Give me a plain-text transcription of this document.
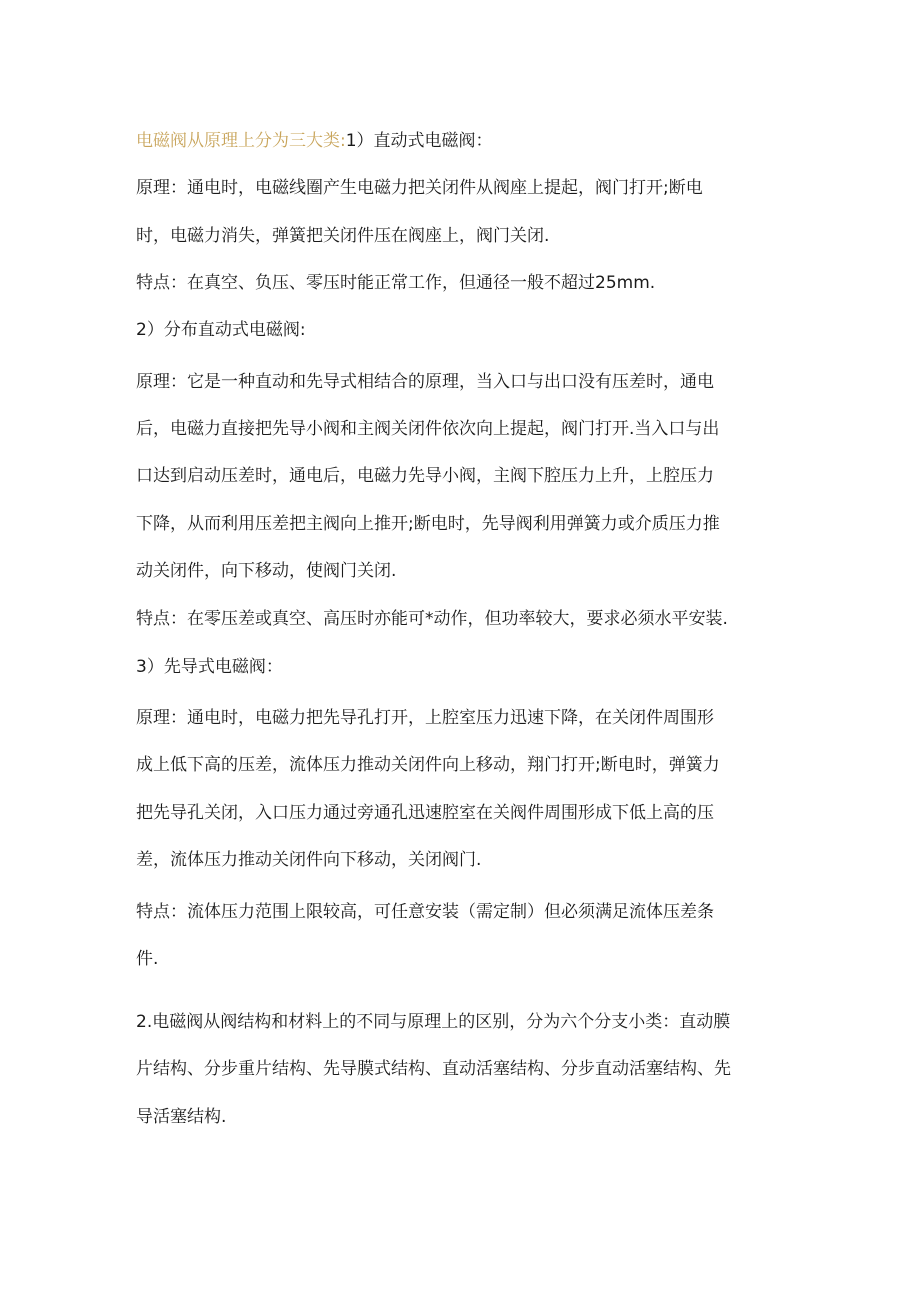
电磁阀从原理上分为三大类:1）直动式电磁阀：

原理：通电时，电磁线圈产生电磁力把关闭件从阀座上提起，阀门打开;断电

时，电磁力消失，弹簧把关闭件压在阀座上，阀门关闭.

特点：在真空、负压、零压时能正常工作，但通径一般不超过25mm.

2）分布直动式电磁阀:

原理：它是一种直动和先导式相结合的原理，当入口与出口没有压差时，通电

后，电磁力直接把先导小阀和主阀关闭件依次向上提起，阀门打开.当入口与出

口达到启动压差时，通电后，电磁力先导小阀，主阀下腔压力上升，上腔压力

下降，从而利用压差把主阀向上推开;断电时，先导阀利用弹簧力或介质压力推

动关闭件，向下移动，使阀门关闭.

特点：在零压差或真空、高压时亦能可*动作，但功率较大，要求必须水平安装.

3）先导式电磁阀：

原理：通电时，电磁力把先导孔打开，上腔室压力迅速下降，在关闭件周围形

成上低下高的压差，流体压力推动关闭件向上移动，翔门打开;断电时，弹簧力

把先导孔关闭，入口压力通过旁通孔迅速腔室在关阀件周围形成下低上高的压

差，流体压力推动关闭件向下移动，关闭阀门.

特点：流体压力范围上限较高，可任意安装（需定制）但必须满足流体压差条

件.

2.电磁阀从阀结构和材料上的不同与原理上的区别，分为六个分支小类：直动膜

片结构、分步重片结构、先导膜式结构、直动活塞结构、分步直动活塞结构、先

导活塞结构.
